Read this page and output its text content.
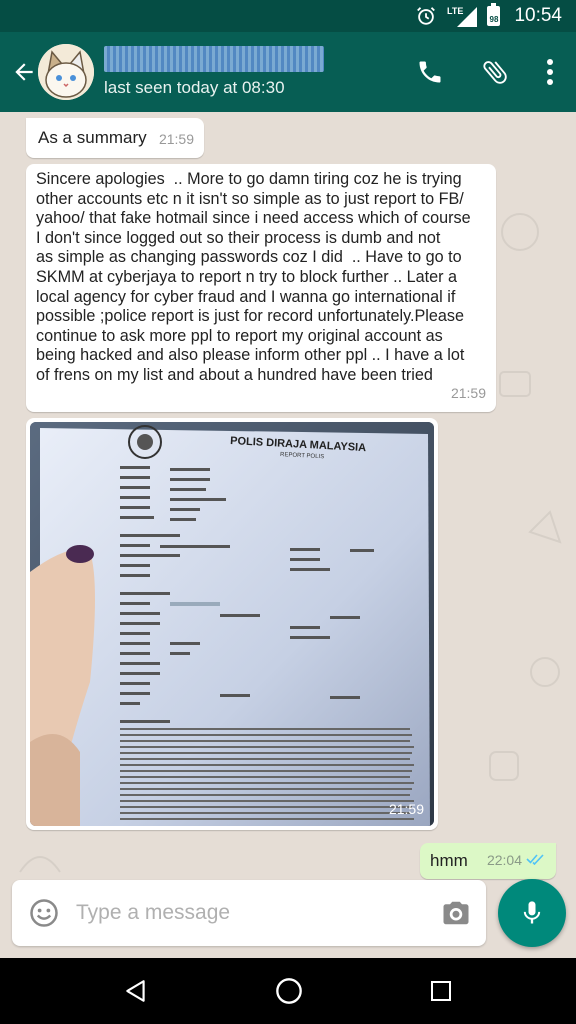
LTE
98 10:54
last seen today at 08:30
As a summary 21:59
Sincere apologies  .. More to go damn tiring coz he is trying
other accounts etc n it isn't so simple as to just report to FB/
yahoo/ that fake hotmail since i need access which of course
I don't since logged out so their process is dumb and not
as simple as changing passwords coz I did  .. Have to go to
SKMM at cyberjaya to report n try to block further .. Later a
local agency for cyber fraud and I wanna go international if
possible ;police report is just for record unfortunately.Please
continue to ask more ppl to report my original account as
being hacked and also please inform other ppl .. I have a lot
of frens on my list and about a hundred have been tried
21:59
POLIS DIRAJA MALAYSIA
REPORT POLIS
21:59
hmm 22:04
Type a message
